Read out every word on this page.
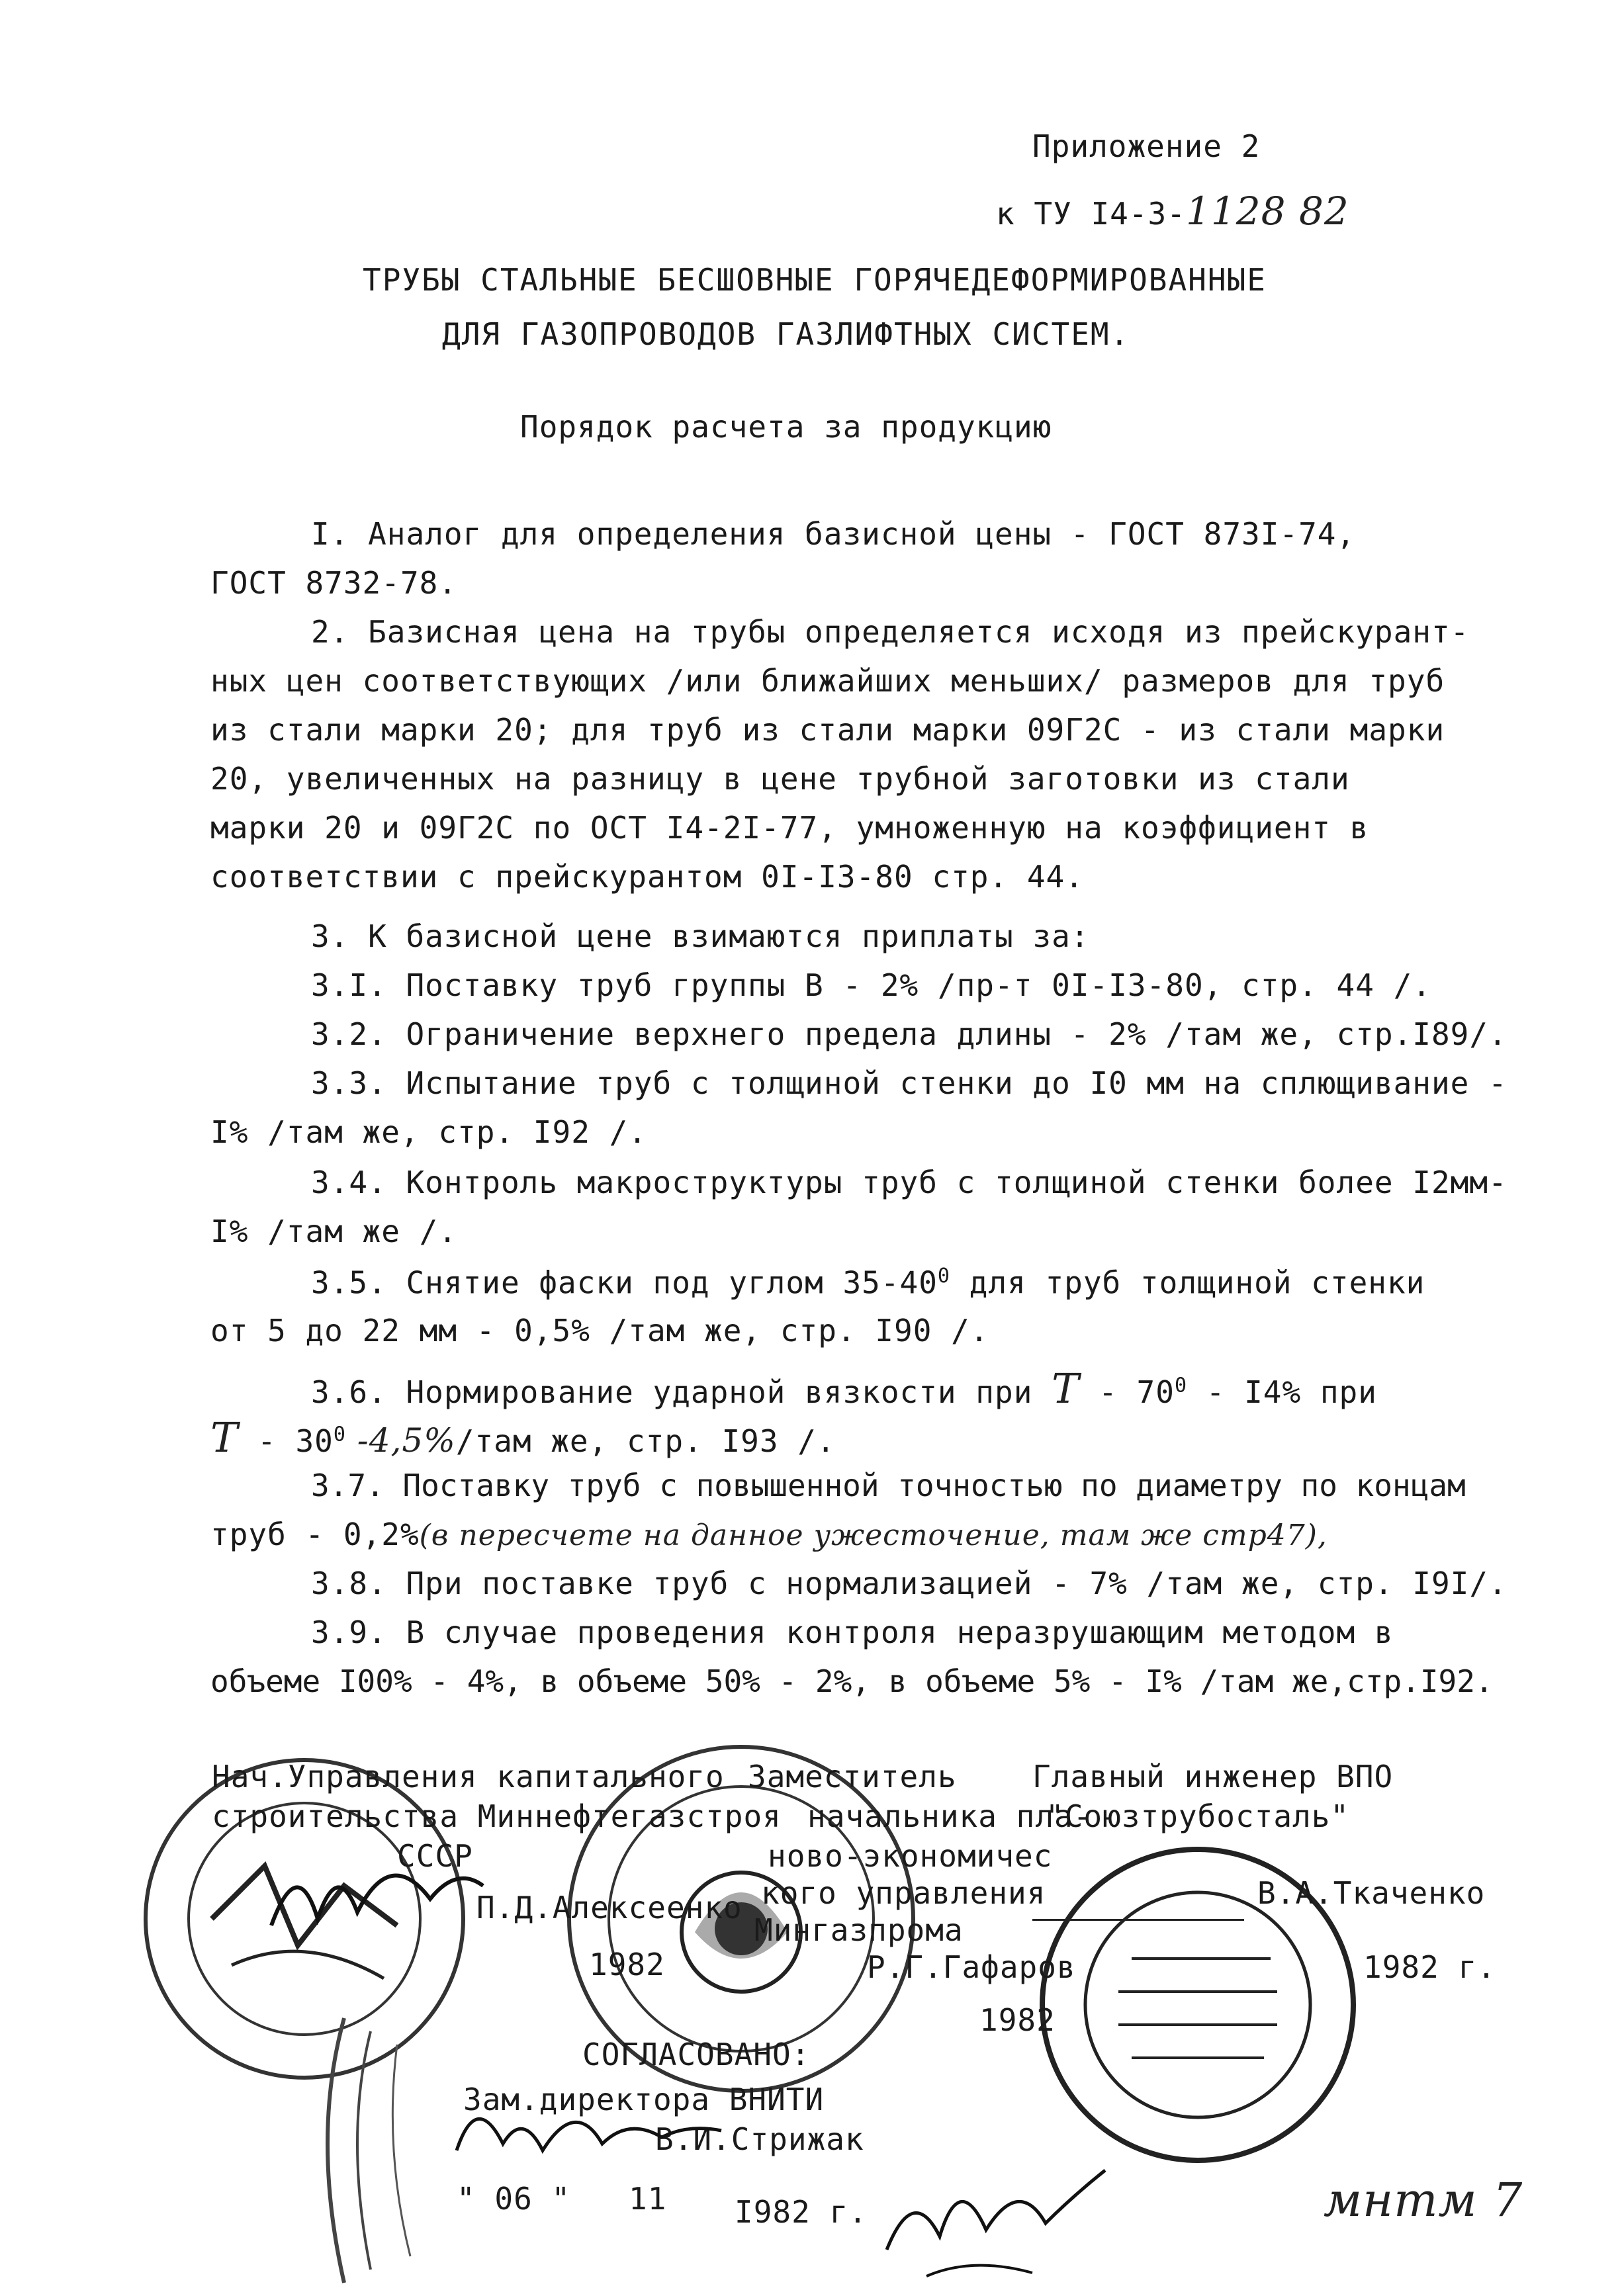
Приложение 2
к ТУ I4-3-1128 82
ТРУБЫ СТАЛЬНЫЕ БЕСШОВНЫЕ ГОРЯЧЕДЕФОРМИРОВАННЫЕ
ДЛЯ ГАЗОПРОВОДОВ ГАЗЛИФТНЫХ СИСТЕМ.
Порядок расчета за продукцию
I. Аналог для определения базисной цены - ГОСТ 873I-74,
ГОСТ 8732-78.
2. Базисная цена на трубы определяется исходя из прейскурант-
ных цен соответствующих /или ближайших меньших/ размеров для труб
из стали марки 20; для труб из стали марки 09Г2С - из стали марки
20, увеличенных на разницу в цене трубной заготовки из стали
марки 20 и 09Г2С по ОСТ I4-2I-77, умноженную на коэффициент в
соответствии с прейскурантом 0I-I3-80 стр. 44.
3. К базисной цене взимаются приплаты за:
3.I. Поставку труб группы В - 2% /пр-т 0I-I3-80, стр. 44 /.
3.2. Ограничение верхнего предела длины - 2% /там же, стр.I89/.
3.3. Испытание труб с толщиной стенки до I0 мм на сплющивание -
I% /там же, стр. I92 /.
3.4. Контроль макроструктуры труб с толщиной стенки более I2мм-
I% /там же /.
3.5. Снятие фаски под углом $35-40^0$ для труб толщиной стенки
от 5 до 22 мм - 0,5% /там же, стр. I90 /.
3.6. Нормирование ударной вязкости при T - $70^0 - I4\%$ при
T - $30^0$ -4,5%/там же, стр. I93 /.
3.7. Поставку труб с повышенной точностью по диаметру по концам
труб - 0,2%(в пересчете на данное ужесточение, там же стр47),
3.8. При поставке труб с нормализацией - 7% /там же, стр. I9I/.
3.9. В случае проведения контроля неразрушающим методом в
объеме I00% - 4%, в объеме 50% - 2%, в объеме 5% - I% /там же,стр.I92.
Нач.Управления капитального
строительства Миннефтегазстроя
СССР
П.Д.Алексеенко
1982
Заместитель
начальника пла-
ново-экономичес
кого управления
Мингазпрома
Р.Г.Гафаров
1982
Главный инженер ВПО
"Союзтрубосталь"
В.А.Ткаченко
1982 г.
СОГЛАСОВАНО:
Зам.директора ВНИТИ
В.И.Стрижак
" 06 " 11 I982 г.	мнтм 7
